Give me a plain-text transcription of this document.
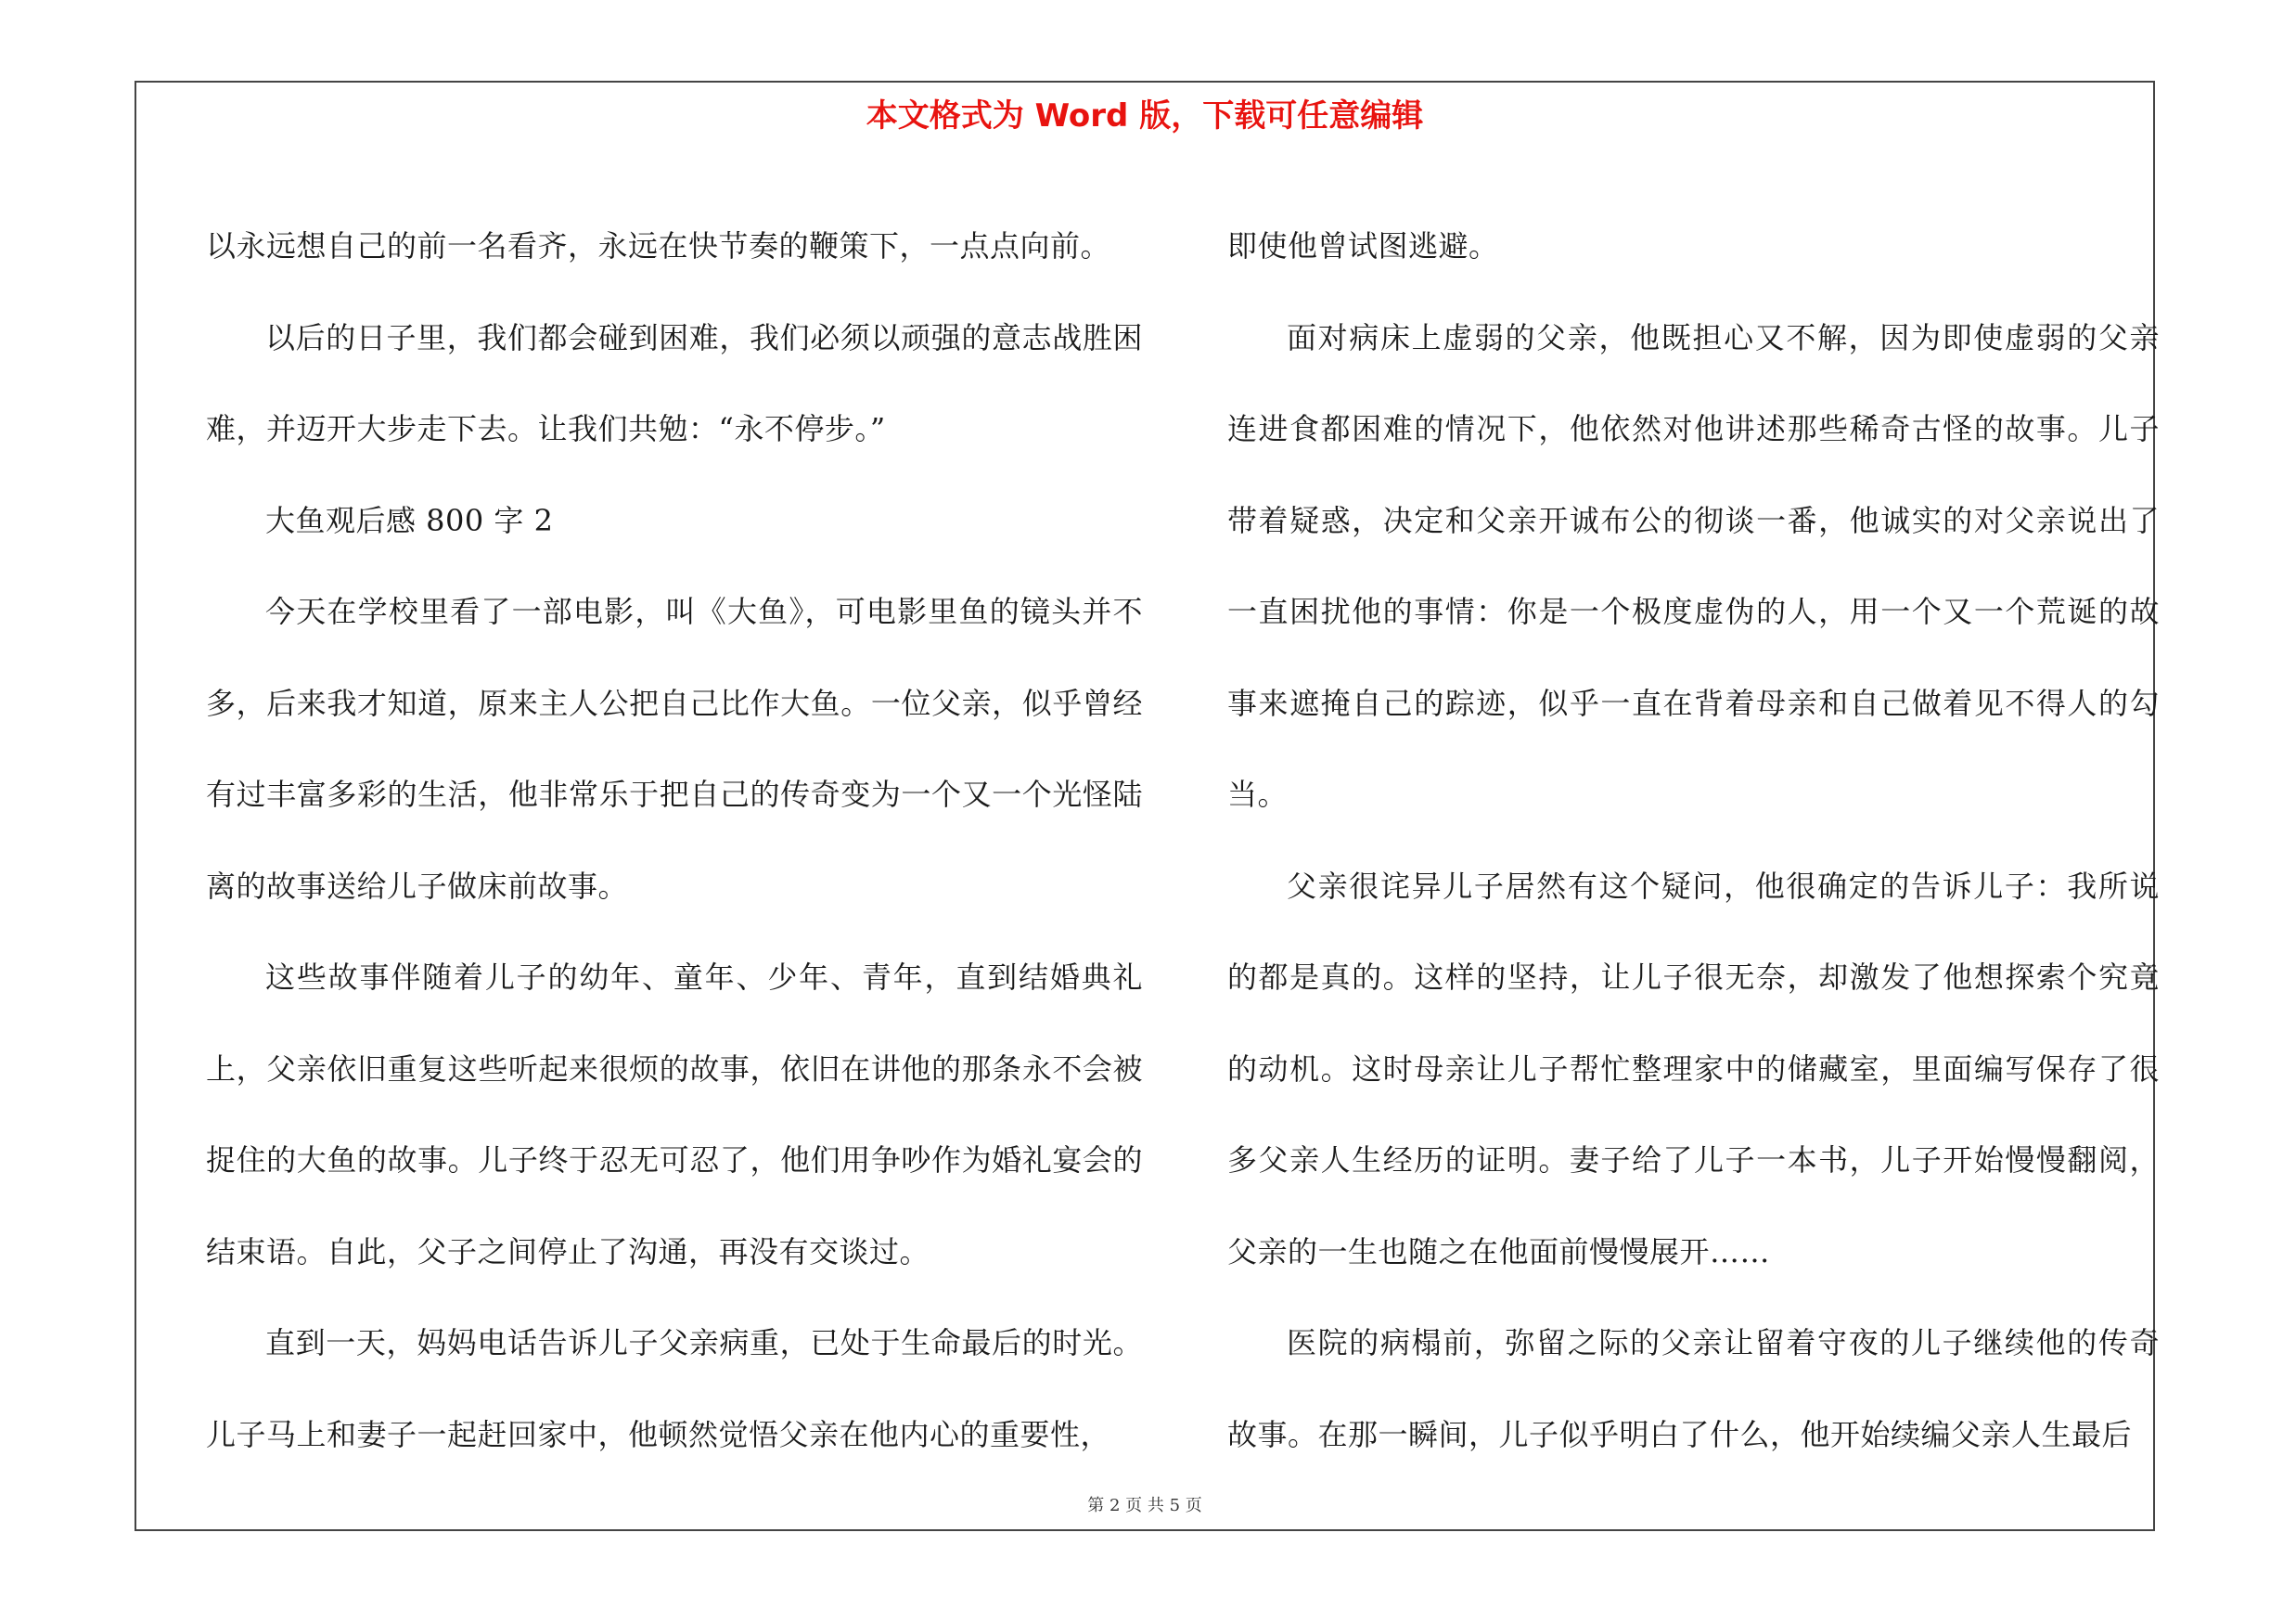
本文格式为 Word 版，下载可任意编辑

以永远想自己的前一名看齐，永远在快节奏的鞭策下，一点点向前。

以后的日子里，我们都会碰到困难，我们必须以顽强的意志战胜困难，并迈开大步走下去。让我们共勉：“永不停步。”

大鱼观后感 800 字 2

今天在学校里看了一部电影，叫《大鱼》，可电影里鱼的镜头并不多，后来我才知道，原来主人公把自己比作大鱼。一位父亲，似乎曾经有过丰富多彩的生活，他非常乐于把自己的传奇变为一个又一个光怪陆离的故事送给儿子做床前故事。

这些故事伴随着儿子的幼年、童年、少年、青年，直到结婚典礼上，父亲依旧重复这些听起来很烦的故事，依旧在讲他的那条永不会被捉住的大鱼的故事。儿子终于忍无可忍了，他们用争吵作为婚礼宴会的结束语。自此，父子之间停止了沟通，再没有交谈过。

直到一天，妈妈电话告诉儿子父亲病重，已处于生命最后的时光。儿子马上和妻子一起赶回家中，他顿然觉悟父亲在他内心的重要性，

即使他曾试图逃避。

面对病床上虚弱的父亲，他既担心又不解，因为即使虚弱的父亲连进食都困难的情况下，他依然对他讲述那些稀奇古怪的故事。儿子带着疑惑，决定和父亲开诚布公的彻谈一番，他诚实的对父亲说出了一直困扰他的事情：你是一个极度虚伪的人，用一个又一个荒诞的故事来遮掩自己的踪迹，似乎一直在背着母亲和自己做着见不得人的勾当。

父亲很诧异儿子居然有这个疑问，他很确定的告诉儿子：我所说的都是真的。这样的坚持，让儿子很无奈，却激发了他想探索个究竟的动机。这时母亲让儿子帮忙整理家中的储藏室，里面编写保存了很多父亲人生经历的证明。妻子给了儿子一本书，儿子开始慢慢翻阅，父亲的一生也随之在他面前慢慢展开……

医院的病榻前，弥留之际的父亲让留着守夜的儿子继续他的传奇故事。在那一瞬间，儿子似乎明白了什么，他开始续编父亲人生最后

第 2 页 共 5 页
